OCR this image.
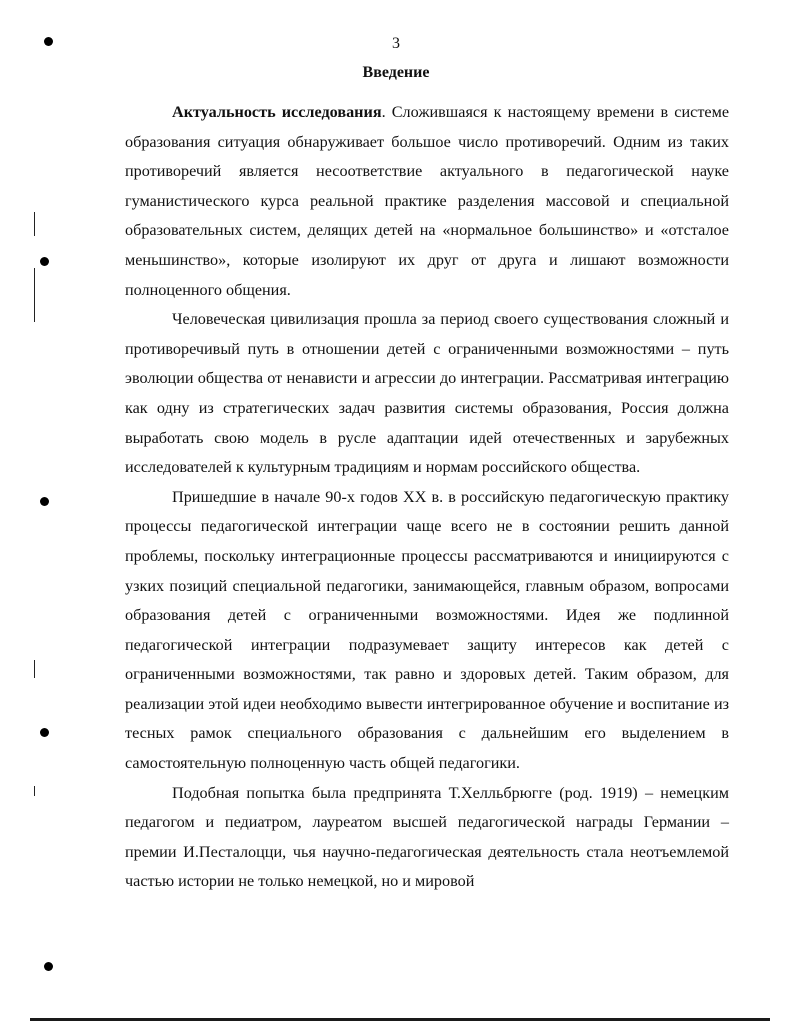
3
Введение

Актуальность исследования. Сложившаяся к настоящему времени в системе образования ситуация обнаруживает большое число противоречий. Одним из таких противоречий является несоответствие актуального в педагогической науке гуманистического курса реальной практике разделения массовой и специальной образовательных систем, делящих детей на «нормальное большинство» и «отсталое меньшинство», которые изолируют их друг от друга и лишают возможности полноценного общения.

Человеческая цивилизация прошла за период своего существования сложный и противоречивый путь в отношении детей с ограниченными возможностями – путь эволюции общества от ненависти и агрессии до интеграции. Рассматривая интеграцию как одну из стратегических задач развития системы образования, Россия должна выработать свою модель в русле адаптации идей отечественных и зарубежных исследователей к культурным традициям и нормам российского общества.

Пришедшие в начале 90-х годов XX в. в российскую педагогическую практику процессы педагогической интеграции чаще всего не в состоянии решить данной проблемы, поскольку интеграционные процессы рассматриваются и инициируются с узких позиций специальной педагогики, занимающейся, главным образом, вопросами образования детей с ограниченными возможностями. Идея же подлинной педагогической интеграции подразумевает защиту интересов как детей с ограниченными возможностями, так равно и здоровых детей. Таким образом, для реализации этой идеи необходимо вывести интегрированное обучение и воспитание из тесных рамок специального образования с дальнейшим его выделением в самостоятельную полноценную часть общей педагогики.

Подобная попытка была предпринята Т.Хелльбрюгге (род. 1919) – немецким педагогом и педиатром, лауреатом высшей педагогической награды Германии – премии И.Песталоцци, чья научно-педагогическая деятельность стала неотъемлемой частью истории не только немецкой, но и мировой
